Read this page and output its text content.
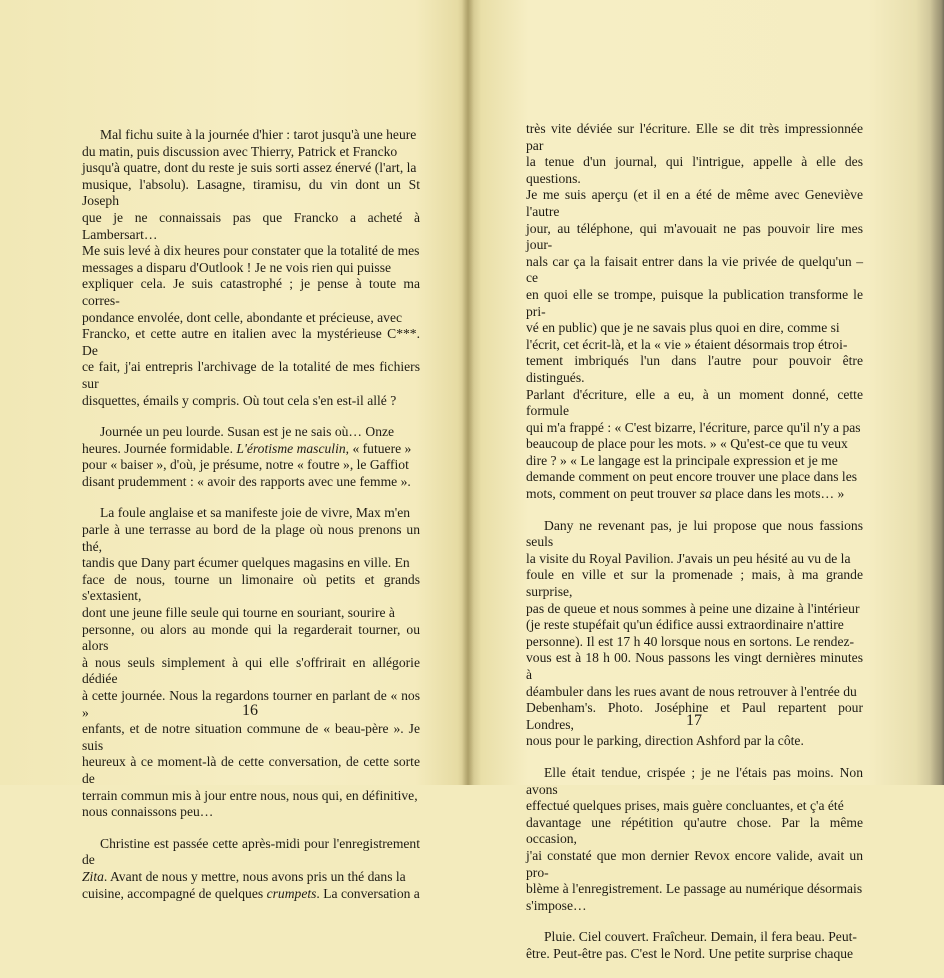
Mal fichu suite à la journée d'hier : tarot jusqu'à une heure
du matin, puis discussion avec Thierry, Patrick et Francko
jusqu'à quatre, dont du reste je suis sorti assez énervé (l'art, la
musique, l'absolu). Lasagne, tiramisu, du vin dont un St Joseph
que je ne connaissais pas que Francko a acheté à Lambersart…
Me suis levé à dix heures pour constater que la totalité de mes
messages a disparu d'Outlook ! Je ne vois rien qui puisse
expliquer cela. Je suis catastrophé ; je pense à toute ma corres-
pondance envolée, dont celle, abondante et précieuse, avec
Francko, et cette autre en italien avec la mystérieuse C***. De
ce fait, j'ai entrepris l'archivage de la totalité de mes fichiers sur
disquettes, émails y compris. Où tout cela s'en est-il allé ?

Journée un peu lourde. Susan est je ne sais où… Onze
heures. Journée formidable. L'érotisme masculin, « futuere »
pour « baiser », d'où, je présume, notre « foutre », le Gaffiot
disant prudemment : « avoir des rapports avec une femme ».

La foule anglaise et sa manifeste joie de vivre, Max m'en
parle à une terrasse au bord de la plage où nous prenons un thé,
tandis que Dany part écumer quelques magasins en ville. En
face de nous, tourne un limonaire où petits et grands s'extasient,
dont une jeune fille seule qui tourne en souriant, sourire à
personne, ou alors au monde qui la regarderait tourner, ou alors
à nous seuls simplement à qui elle s'offrirait en allégorie dédiée
à cette journée. Nous la regardons tourner en parlant de « nos »
enfants, et de notre situation commune de « beau-père ». Je suis
heureux à ce moment-là de cette conversation, de cette sorte de
terrain commun mis à jour entre nous, nous qui, en définitive,
nous connaissons peu…

Christine est passée cette après-midi pour l'enregistrement de
Zita. Avant de nous y mettre, nous avons pris un thé dans la
cuisine, accompagné de quelques crumpets. La conversation a

16

très vite déviée sur l'écriture. Elle se dit très impressionnée par
la tenue d'un journal, qui l'intrigue, appelle à elle des questions.
Je me suis aperçu (et il en a été de même avec Geneviève l'autre
jour, au téléphone, qui m'avouait ne pas pouvoir lire mes jour-
nals car ça la faisait entrer dans la vie privée de quelqu'un – ce
en quoi elle se trompe, puisque la publication transforme le pri-
vé en public) que je ne savais plus quoi en dire, comme si
l'écrit, cet écrit-là, et la « vie » étaient désormais trop étroi-
tement imbriqués l'un dans l'autre pour pouvoir être distingués.
Parlant d'écriture, elle a eu, à un moment donné, cette formule
qui m'a frappé : « C'est bizarre, l'écriture, parce qu'il n'y a pas
beaucoup de place pour les mots. » « Qu'est-ce que tu veux
dire ? » « Le langage est la principale expression et je me
demande comment on peut encore trouver une place dans les
mots, comment on peut trouver sa place dans les mots… »

Dany ne revenant pas, je lui propose que nous fassions seuls
la visite du Royal Pavilion. J'avais un peu hésité au vu de la
foule en ville et sur la promenade ; mais, à ma grande surprise,
pas de queue et nous sommes à peine une dizaine à l'intérieur
(je reste stupéfait qu'un édifice aussi extraordinaire n'attire
personne). Il est 17 h 40 lorsque nous en sortons. Le rendez-
vous est à 18 h 00. Nous passons les vingt dernières minutes à
déambuler dans les rues avant de nous retrouver à l'entrée du
Debenham's. Photo. Joséphine et Paul repartent pour Londres,
nous pour le parking, direction Ashford par la côte.

Elle était tendue, crispée ; je ne l'étais pas moins. Non avons
effectué quelques prises, mais guère concluantes, et ç'a été
davantage une répétition qu'autre chose. Par la même occasion,
j'ai constaté que mon dernier Revox encore valide, avait un pro-
blème à l'enregistrement. Le passage au numérique désormais
s'impose…

Pluie. Ciel couvert. Fraîcheur. Demain, il fera beau. Peut-
être. Peut-être pas. C'est le Nord. Une petite surprise chaque

17
